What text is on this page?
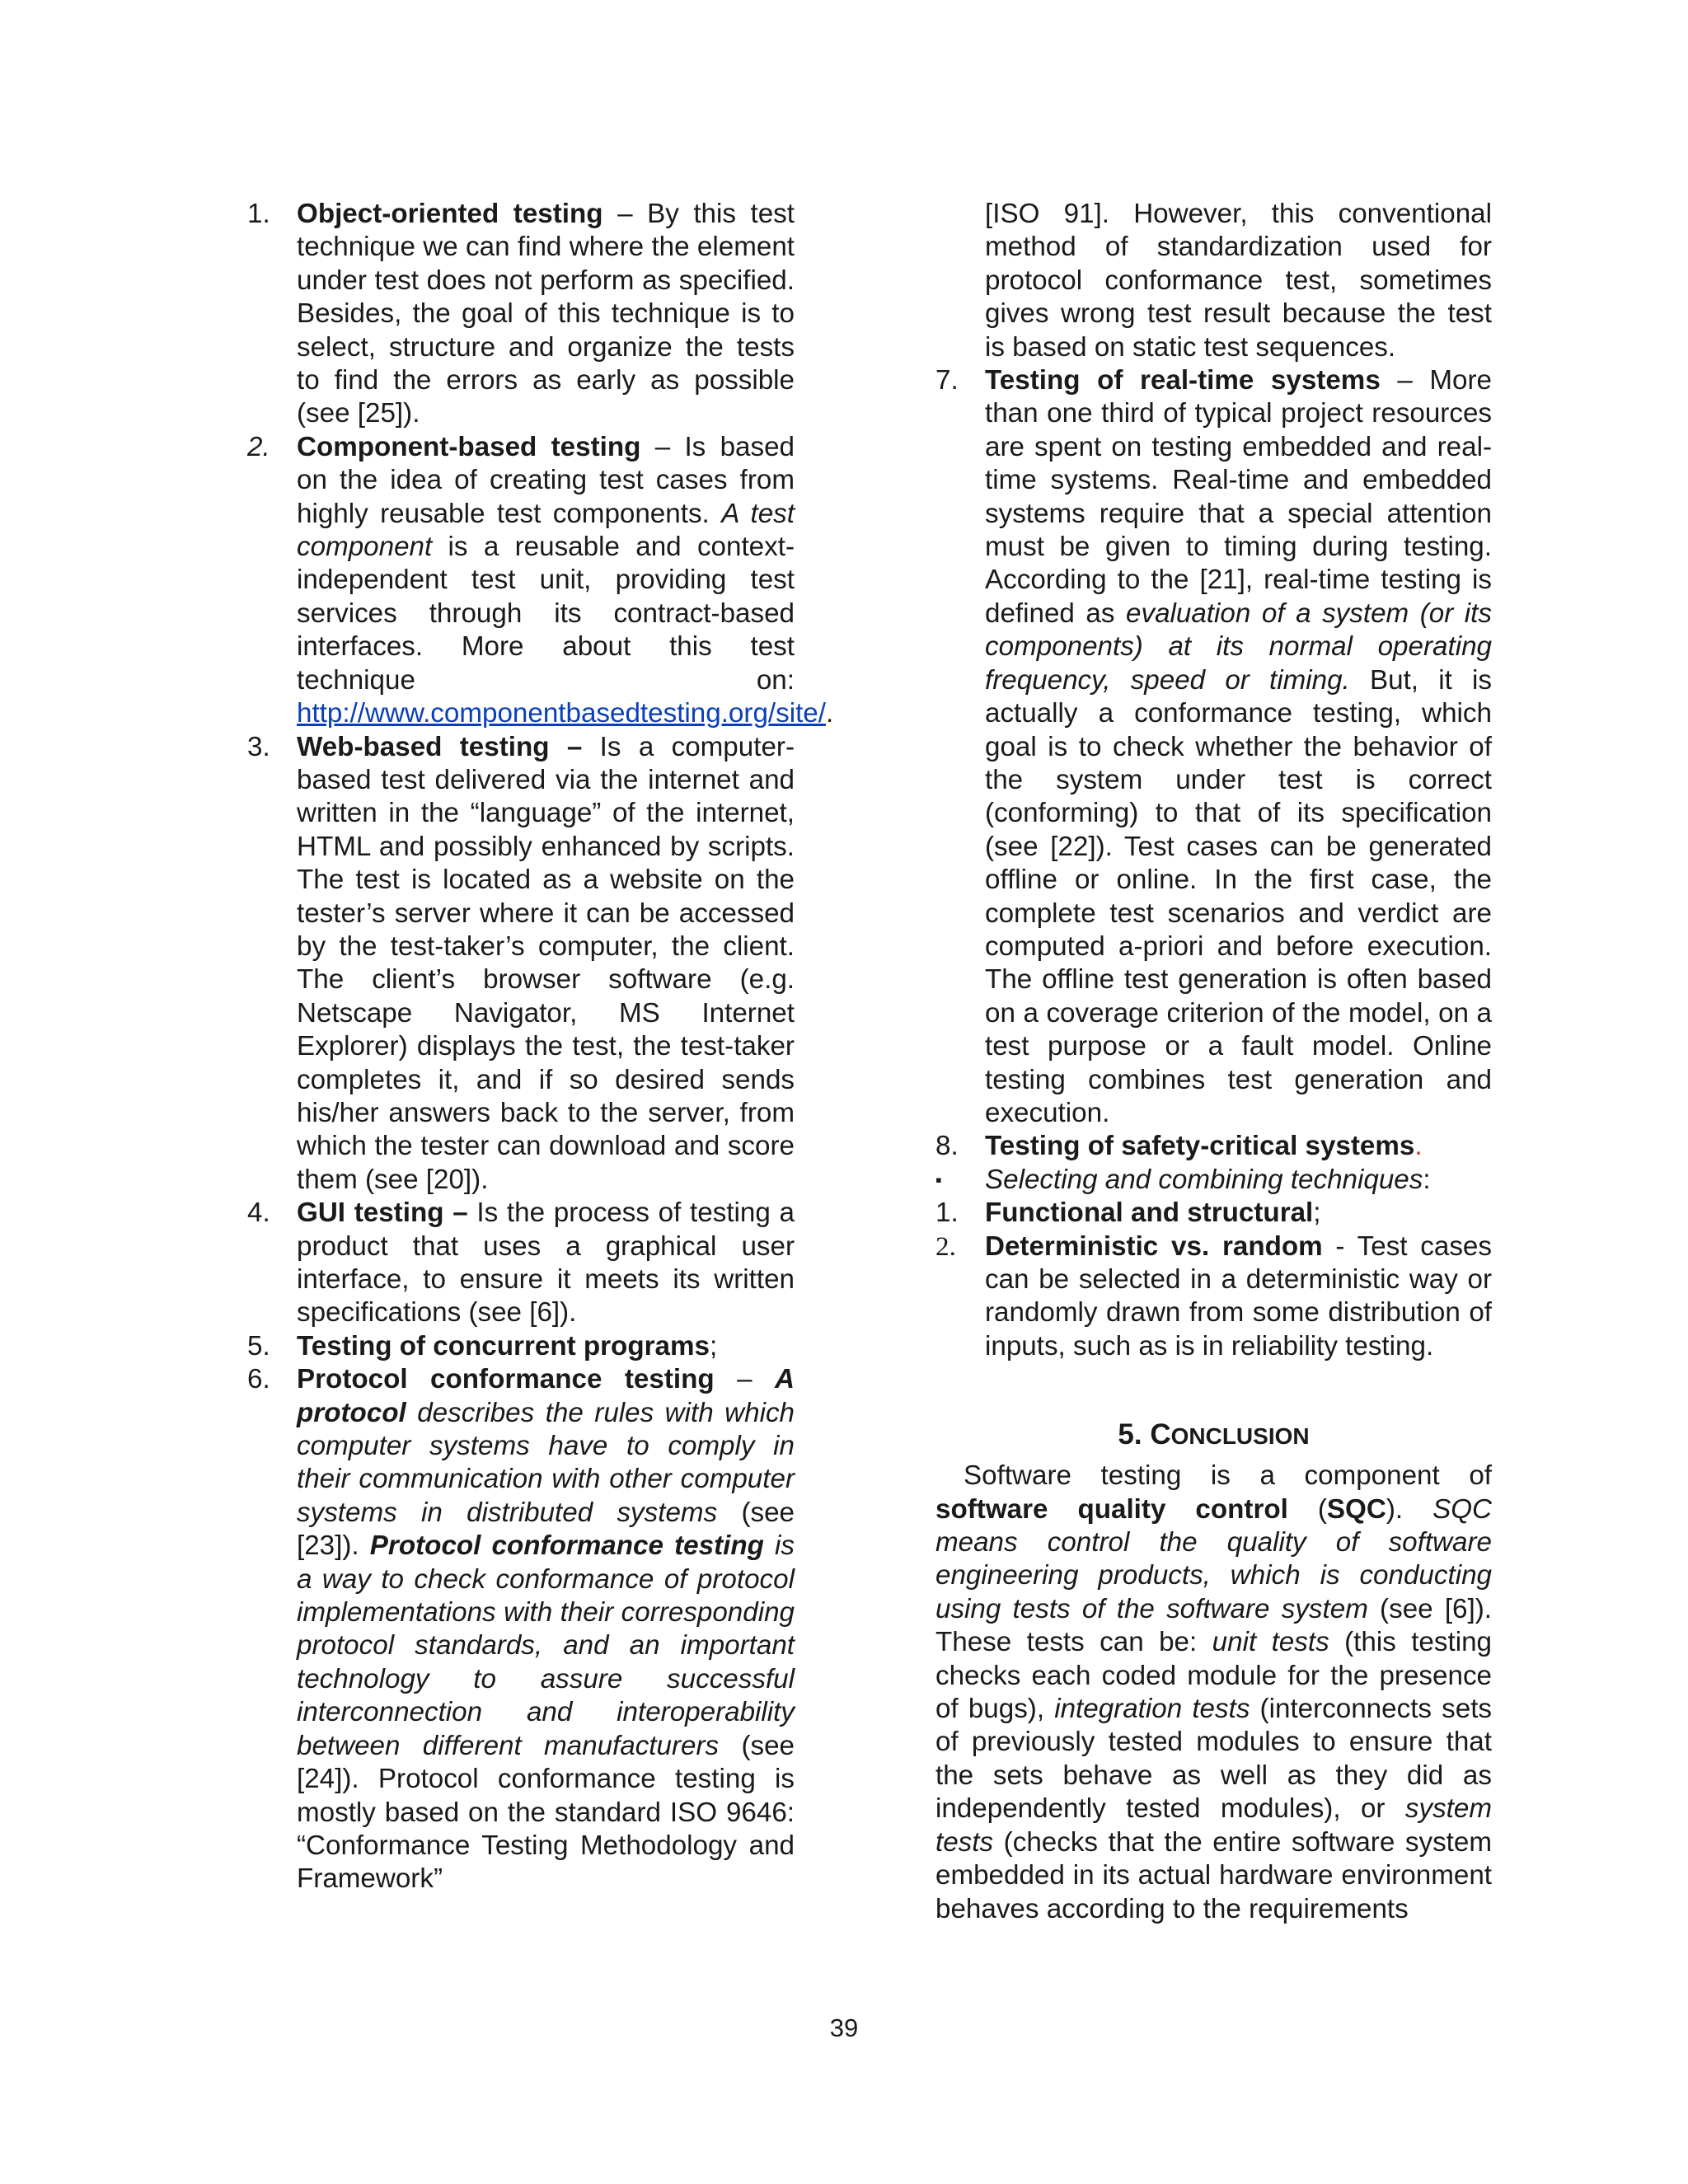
1. Object-oriented testing – By this test technique we can find where the element under test does not perform as specified. Besides, the goal of this technique is to select, structure and organize the tests to find the errors as early as possible (see [25]).
2. Component-based testing – Is based on the idea of creating test cases from highly reusable test components. A test component is a reusable and context-independent test unit, providing test services through its contract-based interfaces. More about this test technique on: http://www.componentbasedtesting.org/site/.
3. Web-based testing – Is a computer-based test delivered via the internet and written in the “language” of the internet, HTML and possibly enhanced by scripts. The test is located as a website on the tester’s server where it can be accessed by the test-taker’s computer, the client. The client’s browser software (e.g. Netscape Navigator, MS Internet Explorer) displays the test, the test-taker completes it, and if so desired sends his/her answers back to the server, from which the tester can download and score them (see [20]).
4. GUI testing – Is the process of testing a product that uses a graphical user interface, to ensure it meets its written specifications (see [6]).
5. Testing of concurrent programs;
6. Protocol conformance testing – A protocol describes the rules with which computer systems have to comply in their communication with other computer systems in distributed systems (see [23]). Protocol conformance testing is a way to check conformance of protocol implementations with their corresponding protocol standards, and an important technology to assure successful interconnection and interoperability between different manufacturers (see [24]). Protocol conformance testing is mostly based on the standard ISO 9646: “Conformance Testing Methodology and Framework”
[ISO 91]. However, this conventional method of standardization used for protocol conformance test, sometimes gives wrong test result because the test is based on static test sequences.
7. Testing of real-time systems – More than one third of typical project resources are spent on testing embedded and real-time systems. Real-time and embedded systems require that a special attention must be given to timing during testing. According to the [21], real-time testing is defined as evaluation of a system (or its components) at its normal operating frequency, speed or timing. But, it is actually a conformance testing, which goal is to check whether the behavior of the system under test is correct (conforming) to that of its specification (see [22]). Test cases can be generated offline or online. In the first case, the complete test scenarios and verdict are computed a-priori and before execution. The offline test generation is often based on a coverage criterion of the model, on a test purpose or a fault model. Online testing combines test generation and execution.
8. Testing of safety-critical systems.
▪ Selecting and combining techniques:
1. Functional and structural;
2. Deterministic vs. random - Test cases can be selected in a deterministic way or randomly drawn from some distribution of inputs, such as is in reliability testing.
5. CONCLUSION
Software testing is a component of software quality control (SQC). SQC means control the quality of software engineering products, which is conducting using tests of the software system (see [6]). These tests can be: unit tests (this testing checks each coded module for the presence of bugs), integration tests (interconnects sets of previously tested modules to ensure that the sets behave as well as they did as independently tested modules), or system tests (checks that the entire software system embedded in its actual hardware environment behaves according to the requirements
39
